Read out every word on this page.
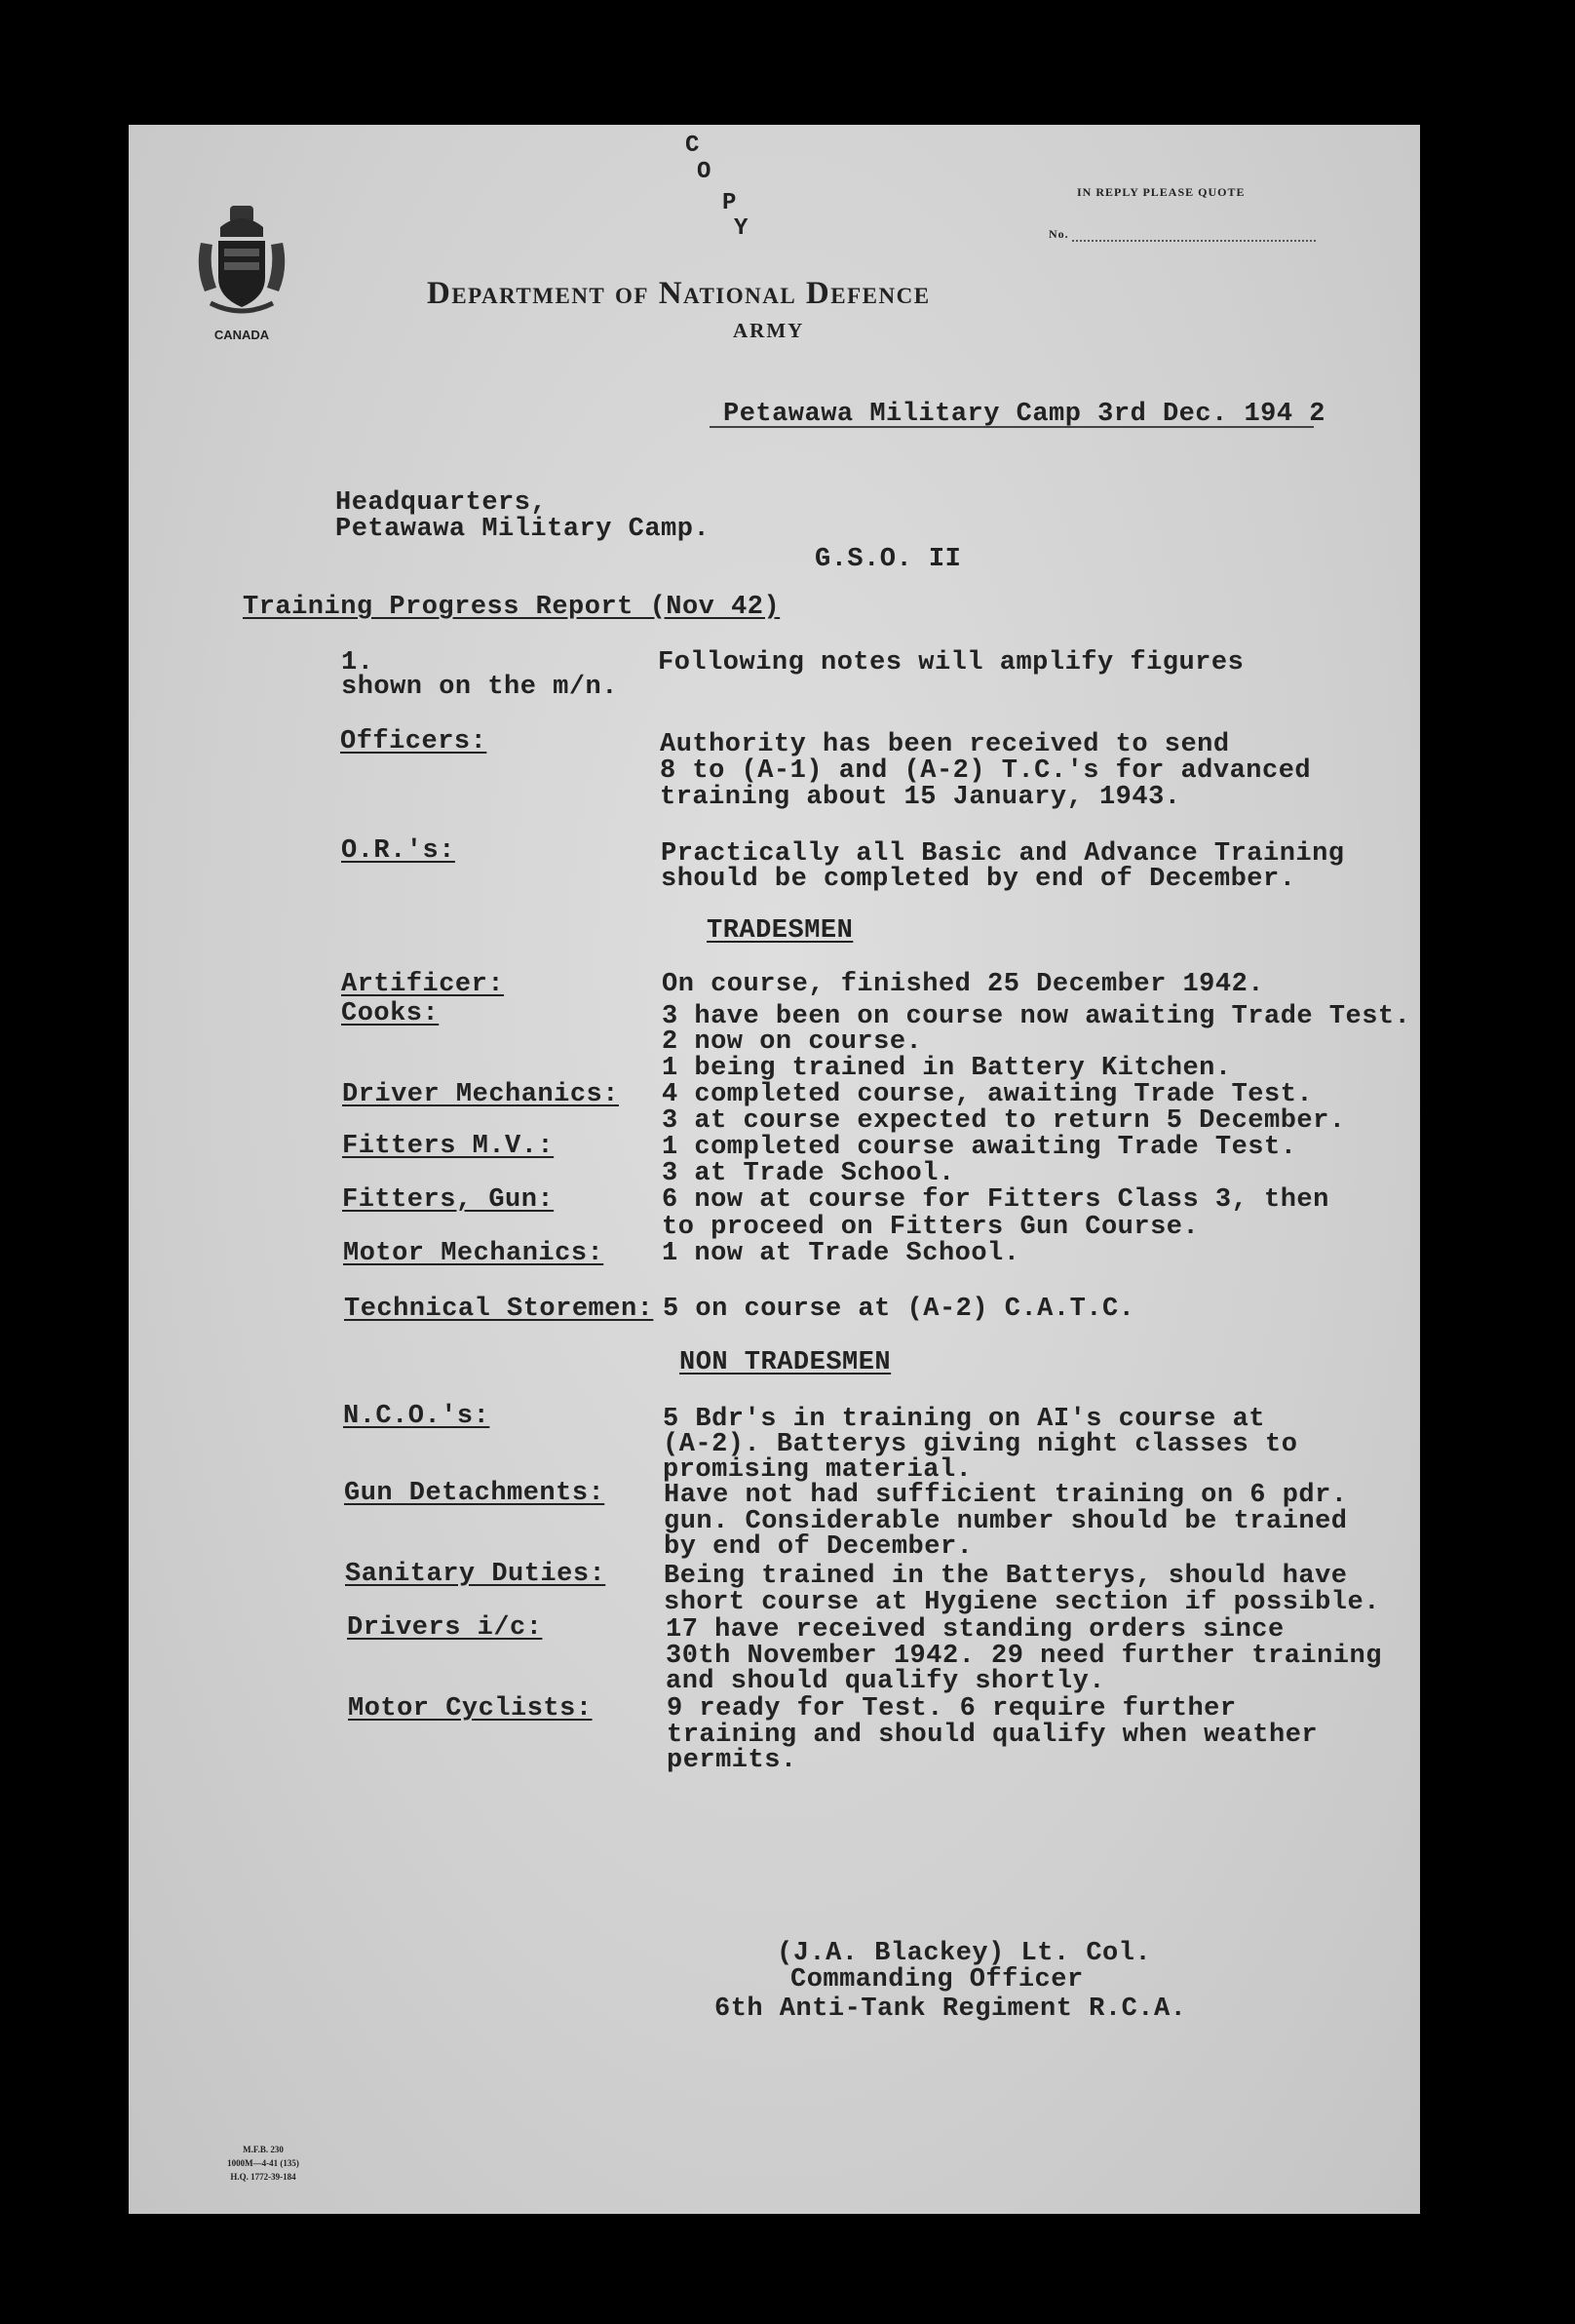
CANADA
C
O
P
Y
IN REPLY PLEASE QUOTE
No.
Department of National Defence
ARMY
Petawawa Military Camp 3rd Dec. 194 2
Headquarters,
Petawawa Military Camp.
G.S.O. II
Training Progress Report (Nov 42)
1.	Following notes will amplify figures
shown on the m/n.
Officers:	Authority has been received to send
8 to (A-1) and (A-2) T.C.'s for advanced
training about 15 January, 1943.
O.R.'s:	Practically all Basic and Advance Training
should be completed by end of December.
TRADESMEN
Artificer:	On course, finished 25 December 1942.
Cooks:	3 have been on course now awaiting Trade Test.
2 now on course.
1 being trained in Battery Kitchen.
Driver Mechanics: 4 completed course, awaiting Trade Test.
3 at course expected to return 5 December.
Fitters M.V.:	1 completed course awaiting Trade Test.
3 at Trade School.
Fitters, Gun:	6 now at course for Fitters Class 3, then
to proceed on Fitters Gun Course.
Motor Mechanics: 1 now at Trade School.
Technical Storemen: 5 on course at (A-2) C.A.T.C.
NON TRADESMEN
N.C.O.'s:	5 Bdr's in training on AI's course at
(A-2). Batterys giving night classes to
promising material.
Gun Detachments: Have not had sufficient training on 6 pdr.
gun. Considerable number should be trained
by end of December.
Sanitary Duties: Being trained in the Batterys, should have
short course at Hygiene section if possible.
Drivers i/c:	17 have received standing orders since
30th November 1942. 29 need further training
and should qualify shortly.
Motor Cyclists:	9 ready for Test. 6 require further
training and should qualify when weather
permits.
(J.A. Blackey) Lt. Col.
Commanding Officer
6th Anti-Tank Regiment R.C.A.
M.F.B. 230
1000M—4-41 (135)
H.Q. 1772-39-184
